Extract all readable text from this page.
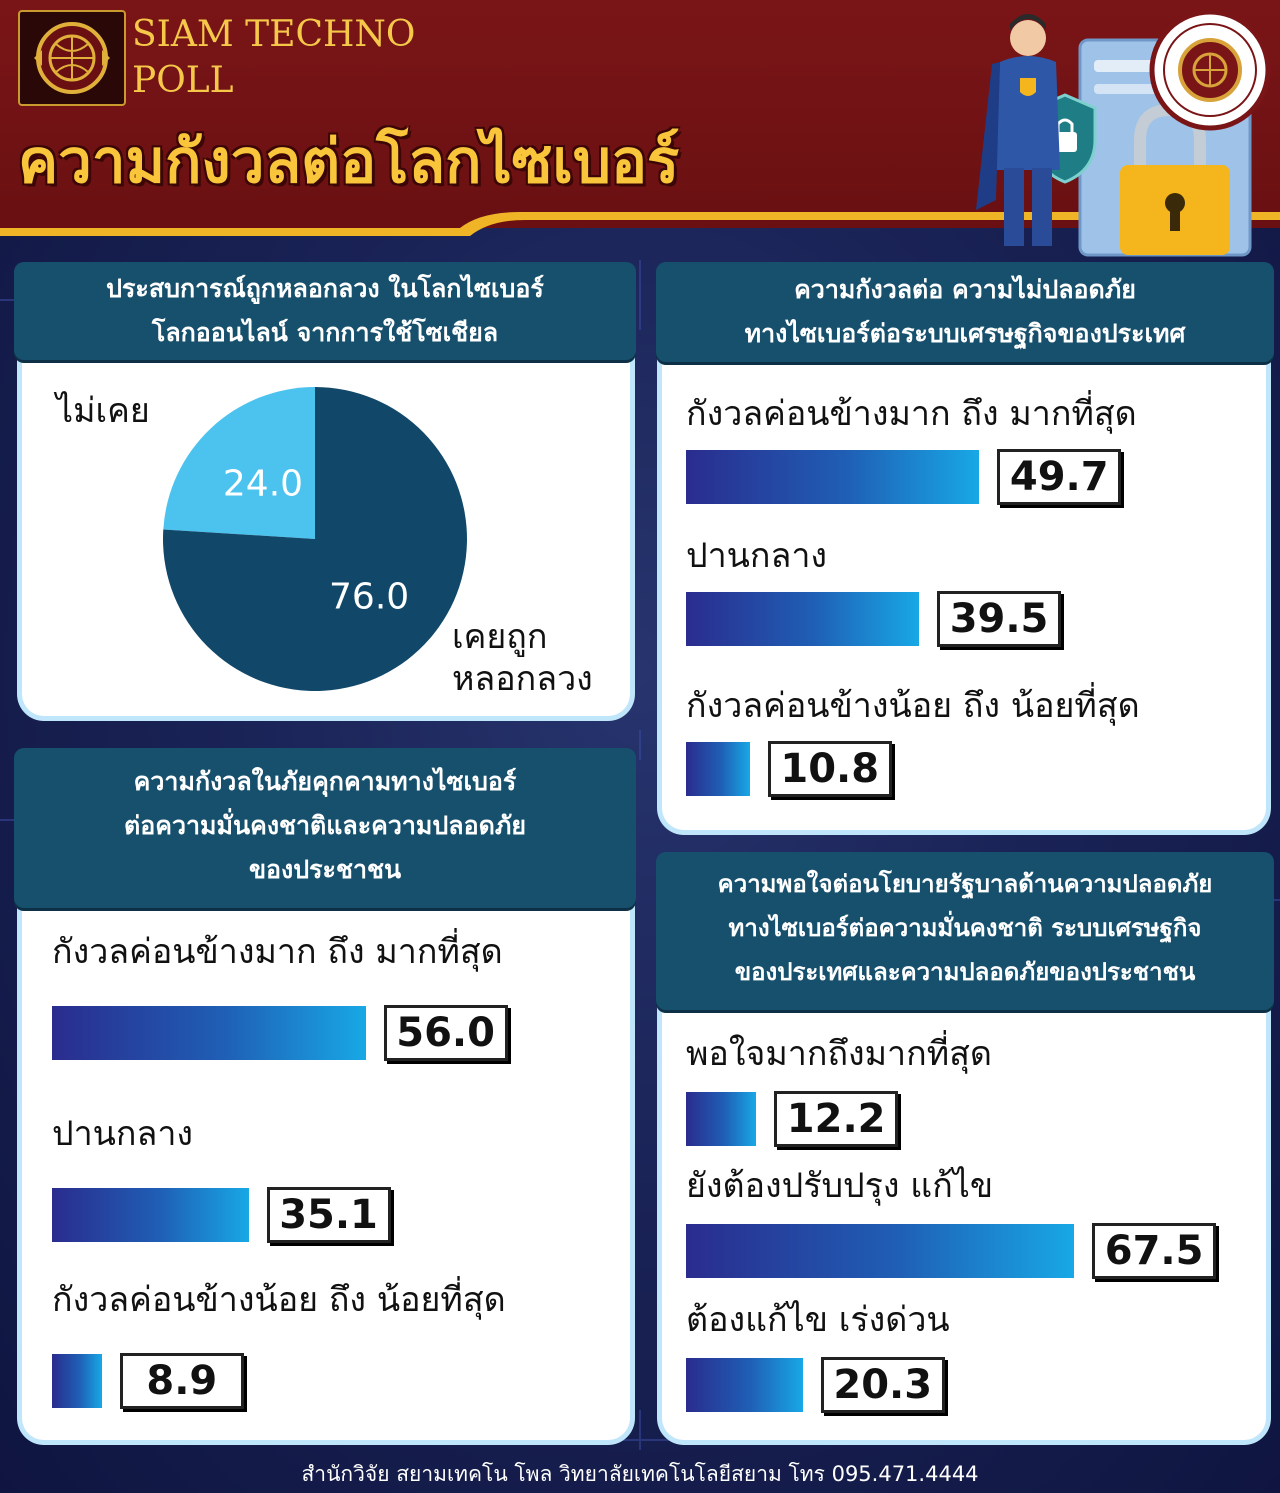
SIAM TECHNO
POLL
ความกังวลต่อโลกไซเบอร์
ประสบการณ์ถูกหลอกลวง ในโลกไซเบอร์
โลกออนไลน์ จากการใช้โซเชียล
24.0
76.0
ไม่เคย
เคยถูก
หลอกลวง
ความกังวลต่อ ความไม่ปลอดภัย
ทางไซเบอร์ต่อระบบเศรษฐกิจของประเทศ
กังวลค่อนข้างมาก ถึง มากที่สุด
49.7
ปานกลาง
39.5
กังวลค่อนข้างน้อย ถึง น้อยที่สุด
10.8
ความกังวลในภัยคุกคามทางไซเบอร์
ต่อความมั่นคงชาติและความปลอดภัย
ของประชาชน
กังวลค่อนข้างมาก ถึง มากที่สุด
56.0
ปานกลาง
35.1
กังวลค่อนข้างน้อย ถึง น้อยที่สุด
8.9
ความพอใจต่อนโยบายรัฐบาลด้านความปลอดภัย
ทางไซเบอร์ต่อความมั่นคงชาติ ระบบเศรษฐกิจ
ของประเทศและความปลอดภัยของประชาชน
พอใจมากถึงมากที่สุด
12.2
ยังต้องปรับปรุง แก้ไข
67.5
ต้องแก้ไข เร่งด่วน
20.3
สำนักวิจัย สยามเทคโน โพล วิทยาลัยเทคโนโลยีสยาม โทร 095.471.4444
